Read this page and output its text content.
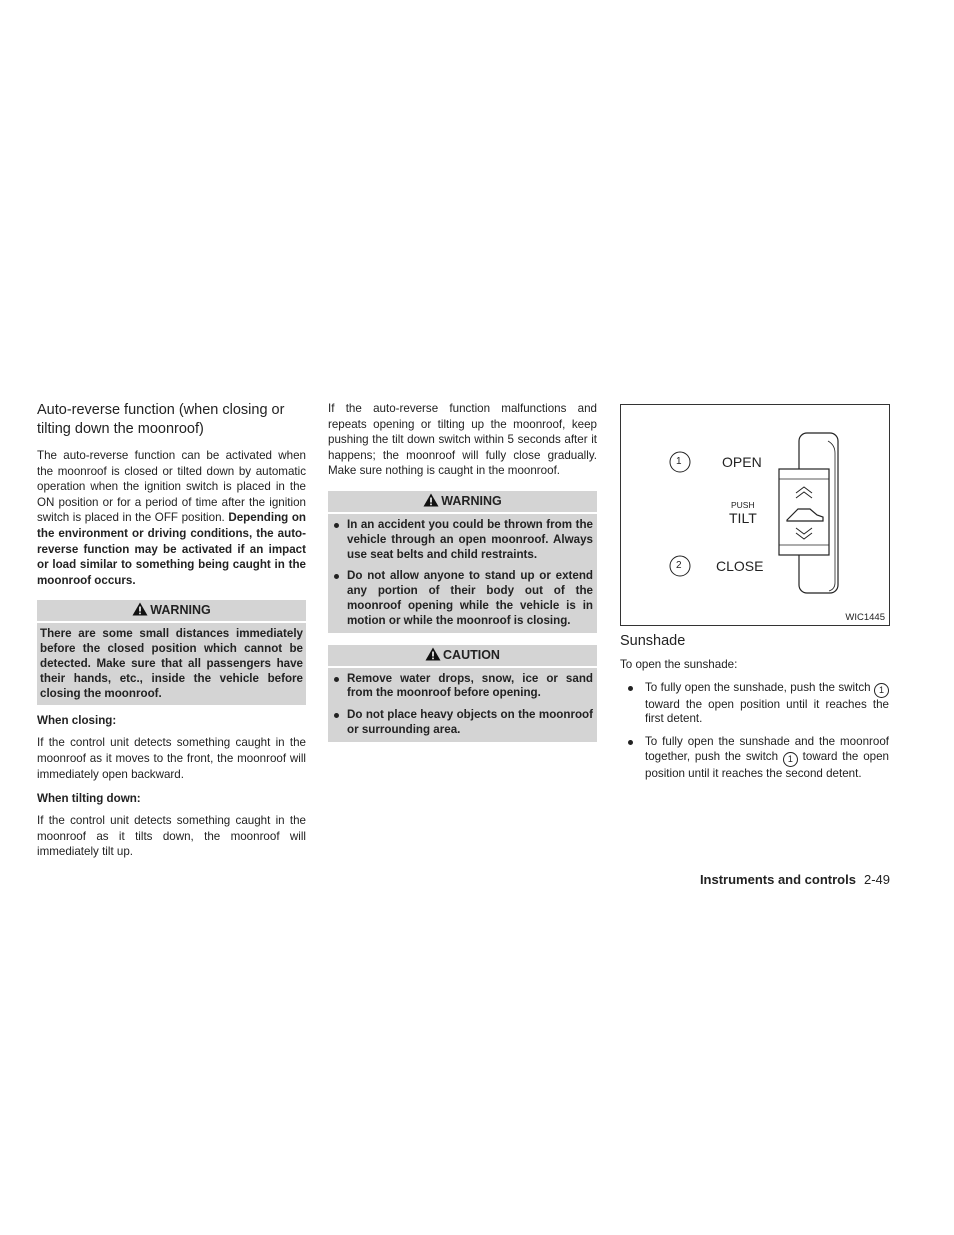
Auto-reverse function (when closing or tilting down the moonroof)

The auto-reverse function can be activated when the moonroof is closed or tilted down by automatic operation when the ignition switch is placed in the ON position or for a period of time after the ignition switch is placed in the OFF position. Depending on the environment or driving conditions, the auto-reverse function may be activated if an impact or load similar to something being caught in the moonroof occurs.

WARNING
There are some small distances immediately before the closed position which cannot be detected. Make sure that all passengers have their hands, etc., inside the vehicle before closing the moonroof.
When closing:

If the control unit detects something caught in the moonroof as it moves to the front, the moonroof will immediately open backward.

When tilting down:

If the control unit detects something caught in the moonroof as it tilts down, the moonroof will immediately tilt up.

If the auto-reverse function malfunctions and repeats opening or tilting up the moonroof, keep pushing the tilt down switch within 5 seconds after it happens; the moonroof will fully close gradually. Make sure nothing is caught in the moonroof.

WARNING
In an accident you could be thrown from the vehicle through an open moonroof. Always use seat belts and child restraints.
Do not allow anyone to stand up or extend any portion of their body out of the moonroof opening while the vehicle is in motion or while the moonroof is closing.
CAUTION
Remove water drops, snow, ice or sand from the moonroof before opening.
Do not place heavy objects on the moonroof or surrounding area.
1	OPEN
PUSH
TILT
2 CLOSE
WIC1445
Sunshade

To open the sunshade:

To fully open the sunshade, push the switch 1 toward the open position until it reaches the first detent.
To fully open the sunshade and the moonroof together, push the switch 1 toward the open position until it reaches the second detent.
Instruments and controls 2-49
